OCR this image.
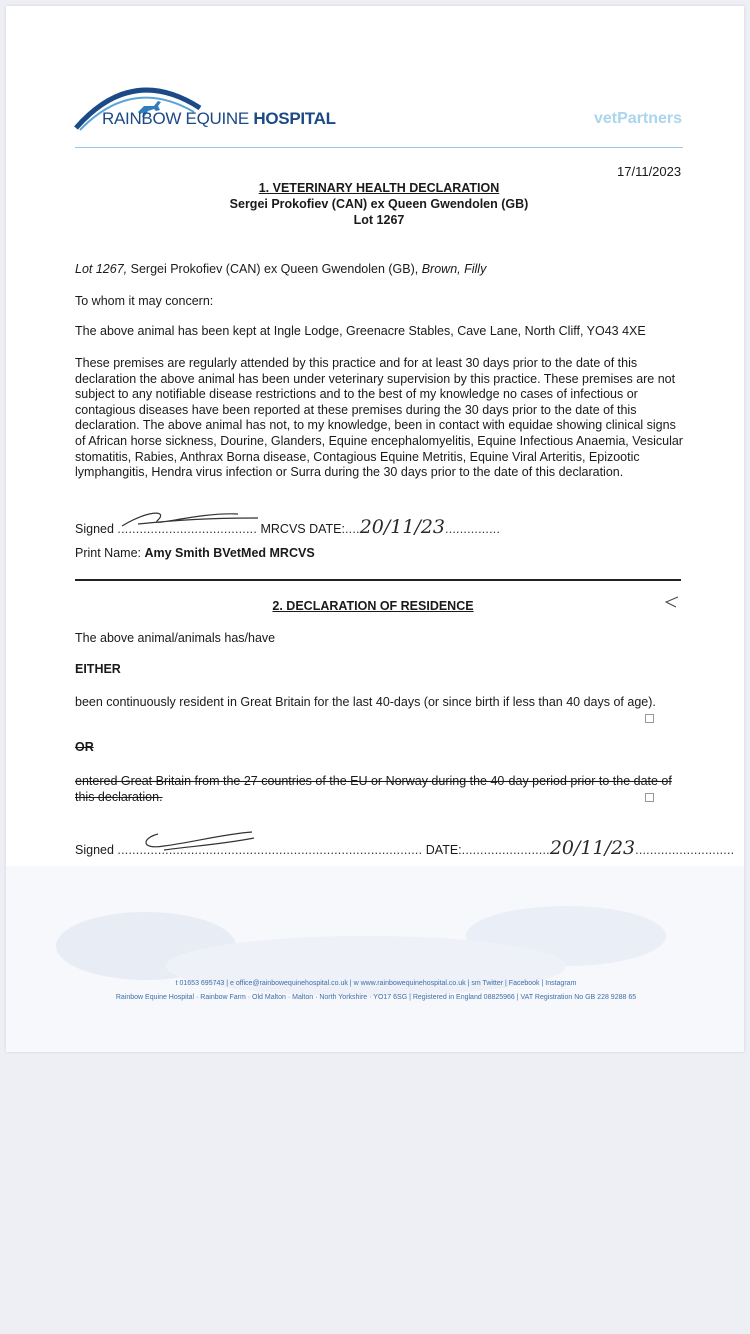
RAINBOW EQUINE HOSPITAL	vetPartners
17/11/2023
1. VETERINARY HEALTH DECLARATION
Sergei Prokofiev (CAN) ex Queen Gwendolen (GB)
Lot 1267
Lot 1267, Sergei Prokofiev (CAN) ex Queen Gwendolen (GB), Brown, Filly
To whom it may concern:
The above animal has been kept at Ingle Lodge, Greenacre Stables, Cave Lane, North Cliff, YO43 4XE
These premises are regularly attended by this practice and for at least 30 days prior to the date of this declaration the above animal has been under veterinary supervision by this practice. These premises are not subject to any notifiable disease restrictions and to the best of my knowledge no cases of infectious or contagious diseases have been reported at these premises during the 30 days prior to the date of this declaration. The above animal has not, to my knowledge, been in contact with equidae showing clinical signs of African horse sickness, Dourine, Glanders, Equine encephalomyelitis, Equine Infectious Anaemia, Vesicular stomatitis, Rabies, Anthrax Borna disease, Contagious Equine Metritis, Equine Viral Arteritis, Epizootic lymphangitis, Hendra virus infection or Surra during the 30 days prior to the date of this declaration.
Signed ...................................... MRCVS DATE:....20/11/23...............
Print Name: Amy Smith BVetMed MRCVS
2. DECLARATION OF RESIDENCE
The above animal/animals has/have
EITHER
been continuously resident in Great Britain for the last 40-days (or since birth if less than 40 days of age).
OR
entered Great Britain from the 27 countries of the EU or Norway during the 40-day period prior to the date of this declaration.
Signed ................................................................................... DATE:........................20/11/23...........................
t 01653 695743 | e office@rainbowequinehospital.co.uk | w www.rainbowequinehospital.co.uk | sm Twitter | Facebook | Instagram
Rainbow Equine Hospital · Rainbow Farm · Old Malton · Malton · North Yorkshire · YO17 6SG | Registered in England 08825966 | VAT Registration No GB 228 9288 65
